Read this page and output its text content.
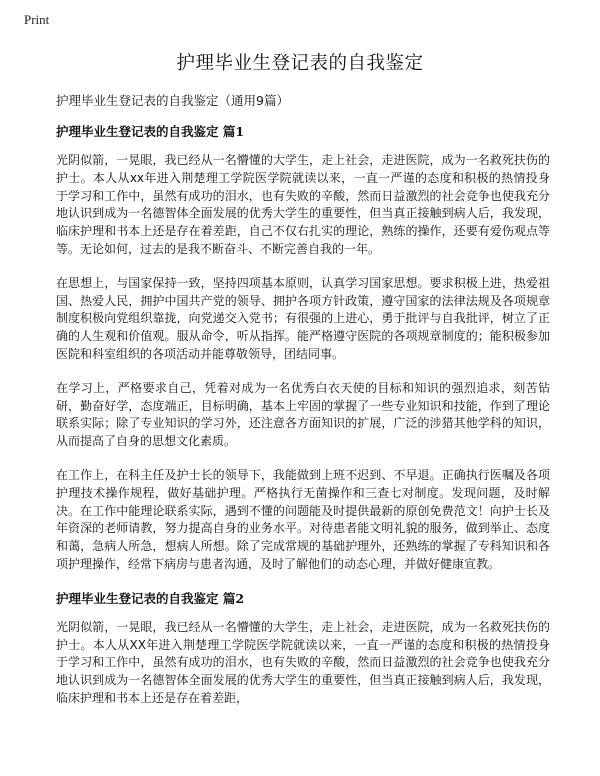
Print
护理毕业生登记表的自我鉴定
护理毕业生登记表的自我鉴定（通用9篇）
护理毕业生登记表的自我鉴定 篇1

光阴似箭，一晃眼，我已经从一名懵懂的大学生，走上社会，走进医院，成为一名救死扶伤的护士。本人从xx年进入荆楚理工学院医学院就读以来，一直一严谨的态度和积极的热情投身于学习和工作中，虽然有成功的泪水，也有失败的辛酸，然而日益激烈的社会竞争也使我充分地认识到成为一名德智体全面发展的优秀大学生的重要性，但当真正接触到病人后，我发现，临床护理和书本上还是存在着差距，自己不仅右扎实的理论，熟练的操作，还要有爱伤观点等等。无论如何，过去的是我不断奋斗、不断完善自我的一年。

在思想上，与国家保持一致，坚持四项基本原则，认真学习国家思想。要求积极上进，热爱祖国、热爱人民，拥护中国共产党的领导、拥护各项方针政策，遵守国家的法律法规及各项规章制度积极向党组织靠拢，向党递交入党书；有很强的上进心，勇于批评与自我批评，树立了正确的人生观和价值观。服从命令，听从指挥。能严格遵守医院的各项规章制度的；能积极参加医院和科室组织的各项活动并能尊敬领导，团结同事。

在学习上，严格要求自己，凭着对成为一名优秀白衣天使的目标和知识的强烈追求，刻苦钻研，勤奋好学，态度端正，目标明确，基本上牢固的掌握了一些专业知识和技能，作到了理论联系实际；除了专业知识的学习外，还注意各方面知识的扩展，广泛的涉猎其他学科的知识，从而提高了自身的思想文化素质。

在工作上，在科主任及护士长的领导下，我能做到上班不迟到、不早退。正确执行医嘱及各项护理技术操作规程，做好基础护理。严格执行无菌操作和三查七对制度。发现问题，及时解决。在工作中能理论联系实际，遇到不懂的问题能及时提供最新的原创免费范文！向护士长及年资深的老师请教，努力提高自身的业务水平。对待患者能文明礼貌的服务，做到举止、态度和蔼，急病人所急，想病人所想。除了完成常规的基础护理外，还熟练的掌握了专科知识和各项护理操作，经常下病房与患者沟通，及时了解他们的动态心理，并做好健康宣教。

护理毕业生登记表的自我鉴定 篇2

光阴似箭，一晃眼，我已经从一名懵懂的大学生，走上社会，走进医院，成为一名救死扶伤的护士。本人从XX年进入荆楚理工学院医学院就读以来，一直一严谨的态度和积极的热情投身于学习和工作中，虽然有成功的泪水，也有失败的辛酸，然而日益激烈的社会竞争也使我充分地认识到成为一名德智体全面发展的优秀大学生的重要性，但当真正接触到病人后，我发现，临床护理和书本上还是存在着差距，
